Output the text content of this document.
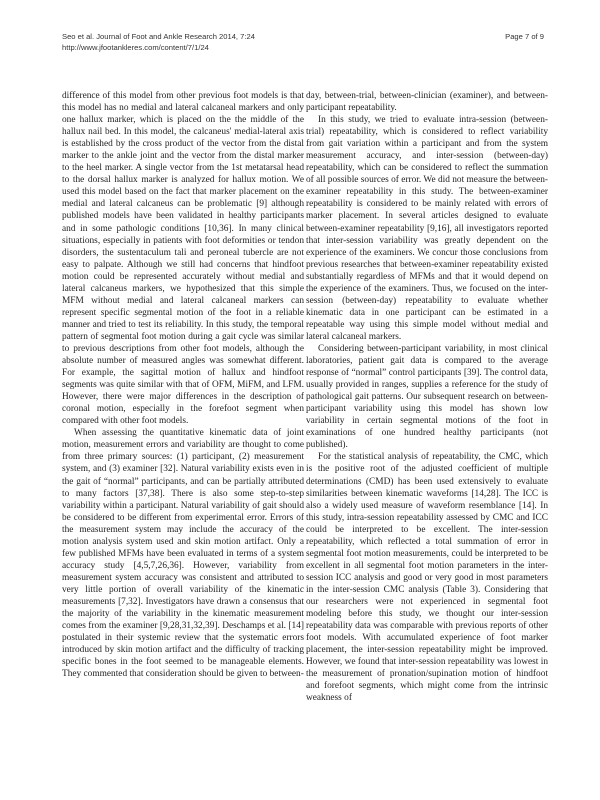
Seo et al. Journal of Foot and Ankle Research 2014, 7:24
http://www.jfootankleres.com/content/7/1/24
Page 7 of 9

difference of this model from other previous foot models is that this model has no medial and lateral calcaneal markers and only one hallux marker, which is placed on the the middle of the hallux nail bed. In this model, the calcaneus' medial-lateral axis is established by the cross product of the vector from the distal marker to the ankle joint and the vector from the distal marker to the heel marker. A single vector from the 1st metatarsal head to the dorsal hallux marker is analyzed for hallux motion. We used this model based on the fact that marker placement on the medial and lateral calcaneus can be problematic [9] although published models have been validated in healthy participants and in some pathologic conditions [10,36]. In many clinical situations, especially in patients with foot deformities or tendon disorders, the sustentaculum tali and peroneal tubercle are not easy to palpate. Although we still had concerns that hindfoot motion could be represented accurately without medial and lateral calcaneus markers, we hypothesized that this simple MFM without medial and lateral calcaneal markers can represent specific segmental motion of the foot in a reliable manner and tried to test its reliability. In this study, the temporal pattern of segmental foot motion during a gait cycle was similar to previous descriptions from other foot models, although the absolute number of measured angles was somewhat different. For example, the sagittal motion of hallux and hindfoot segments was quite similar with that of OFM, MiFM, and LFM. However, there were major differences in the description of coronal motion, especially in the forefoot segment when compared with other foot models.

When assessing the quantitative kinematic data of joint motion, measurement errors and variability are thought to come from three primary sources: (1) participant, (2) measurement system, and (3) examiner [32]. Natural variability exists even in the gait of “normal” participants, and can be partially attributed to many factors [37,38]. There is also some step-to-step variability within a participant. Natural variability of gait should be considered to be different from experimental error. Errors of the measurement system may include the accuracy of the motion analysis system used and skin motion artifact. Only a few published MFMs have been evaluated in terms of a system accuracy study [4,5,7,26,36]. However, variability from measurement system accuracy was consistent and attributed to very little portion of overall variability of the kinematic measurements [7,32]. Investigators have drawn a consensus that the majority of the variability in the kinematic measurement comes from the examiner [9,28,31,32,39]. Deschamps et al. [14] postulated in their systemic review that the systematic errors introduced by skin motion artifact and the difficulty of tracking specific bones in the foot seemed to be manageable elements. They commented that consideration should be given to between-

day, between-trial, between-clinician (examiner), and between-participant repeatability.

In this study, we tried to evaluate intra-session (between-trial) repeatability, which is considered to reflect variability from gait variation within a participant and from the system measurement accuracy, and inter-session (between-day) repeatability, which can be considered to reflect the summation of all possible sources of error. We did not measure the between-examiner repeatability in this study. The between-examiner repeatability is considered to be mainly related with errors of marker placement. In several articles designed to evaluate between-examiner repeatability [9,16], all investigators reported that inter-session variability was greatly dependent on the experience of the examiners. We concur those conclusions from previous researches that between-examiner repeatability existed substantially regardless of MFMs and that it would depend on the experience of the examiners. Thus, we focused on the inter-session (between-day) repeatability to evaluate whether kinematic data in one participant can be estimated in a repeatable way using this simple model without medial and lateral calcaneal markers.

Considering between-participant variability, in most clinical laboratories, patient gait data is compared to the average response of “normal” control participants [39]. The control data, usually provided in ranges, supplies a reference for the study of pathological gait patterns. Our subsequent research on between-participant variability using this model has shown low variability in certain segmental motions of the foot in examinations of one hundred healthy participants (not published).

For the statistical analysis of repeatability, the CMC, which is the positive root of the adjusted coefficient of multiple determinations (CMD) has been used extensively to evaluate similarities between kinematic waveforms [14,28]. The ICC is also a widely used measure of waveform resemblance [14]. In this study, intra-session repeatability assessed by CMC and ICC could be interpreted to be excellent. The inter-session repeatability, which reflected a total summation of error in segmental foot motion measurements, could be interpreted to be excellent in all segmental foot motion parameters in the inter-session ICC analysis and good or very good in most parameters in the inter-session CMC analysis (Table 3). Considering that our researchers were not experienced in segmental foot modeling before this study, we thought our inter-session repeatability data was comparable with previous reports of other foot models. With accumulated experience of foot marker placement, the inter-session repeatability might be improved. However, we found that inter-session repeatability was lowest in the measurement of pronation/supination motion of hindfoot and forefoot segments, which might come from the intrinsic weakness of
